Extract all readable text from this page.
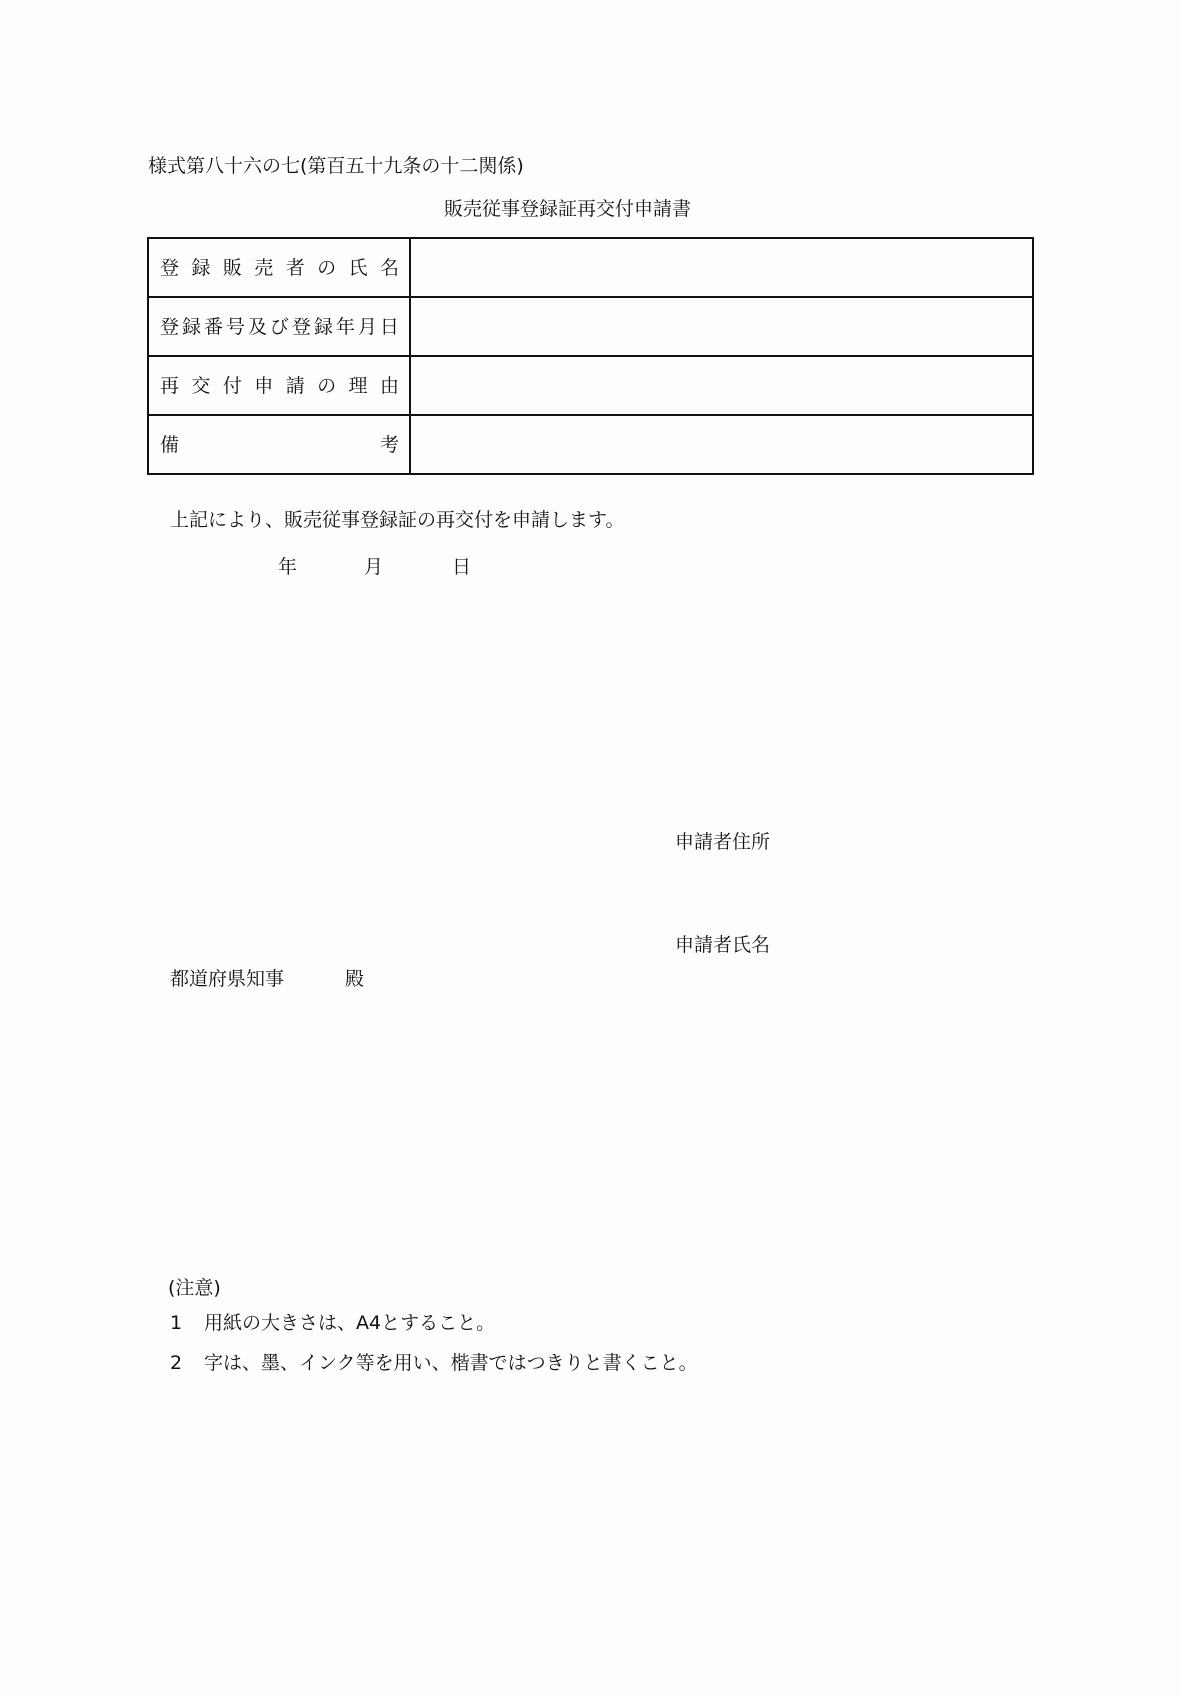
様式第八十六の七(第百五十九条の十二関係)
販売従事登録証再交付申請書
登 録 販 売 者 の 氏 名

登 録 番 号 及 び 登 録 年 月 日

再 交 付 申 請 の 理 由

備 考	

上記により、販売従事登録証の再交付を申請します。
年	月	日
申請者住所
申請者氏名
都道府県知事	殿
(注意)
1 用紙の大きさは、A4とすること。
2 字は、墨、インク等を用い、楷書ではつきりと書くこと。
